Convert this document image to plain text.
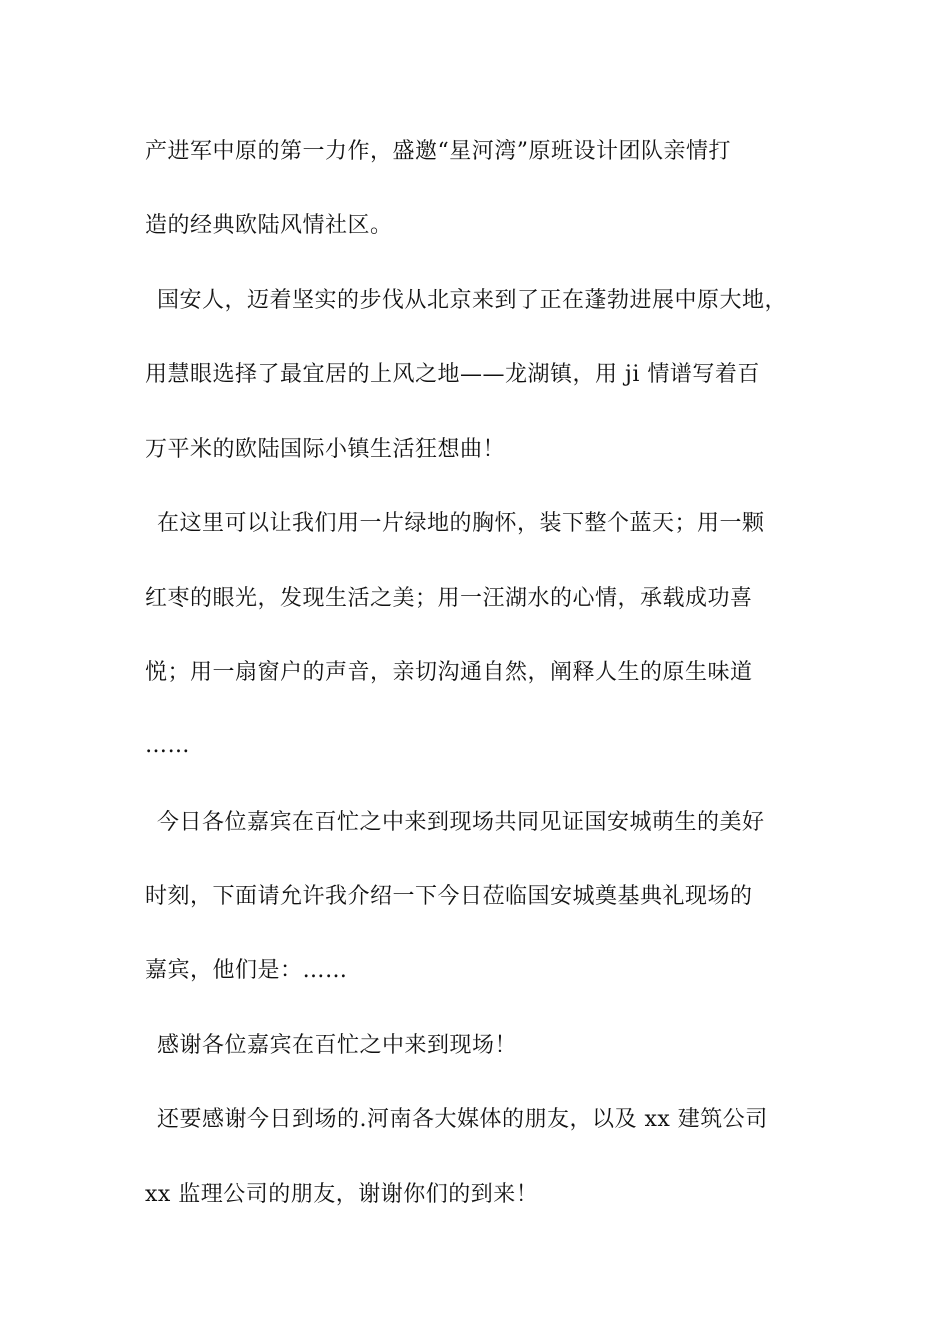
产进军中原的第一力作，盛邀“星河湾”原班设计团队亲情打
造的经典欧陆风情社区。
国安人，迈着坚实的步伐从北京来到了正在蓬勃进展中原大地，
用慧眼选择了最宜居的上风之地——龙湖镇，用 ji 情谱写着百
万平米的欧陆国际小镇生活狂想曲！
在这里可以让我们用一片绿地的胸怀，装下整个蓝天；用一颗
红枣的眼光，发现生活之美；用一汪湖水的心情，承载成功喜
悦；用一扇窗户的声音，亲切沟通自然，阐释人生的原生味道
……
今日各位嘉宾在百忙之中来到现场共同见证国安城萌生的美好
时刻，下面请允许我介绍一下今日莅临国安城奠基典礼现场的
嘉宾，他们是：……
感谢各位嘉宾在百忙之中来到现场！
还要感谢今日到场的.河南各大媒体的朋友，以及 xx 建筑公司
xx 监理公司的朋友，谢谢你们的到来！
